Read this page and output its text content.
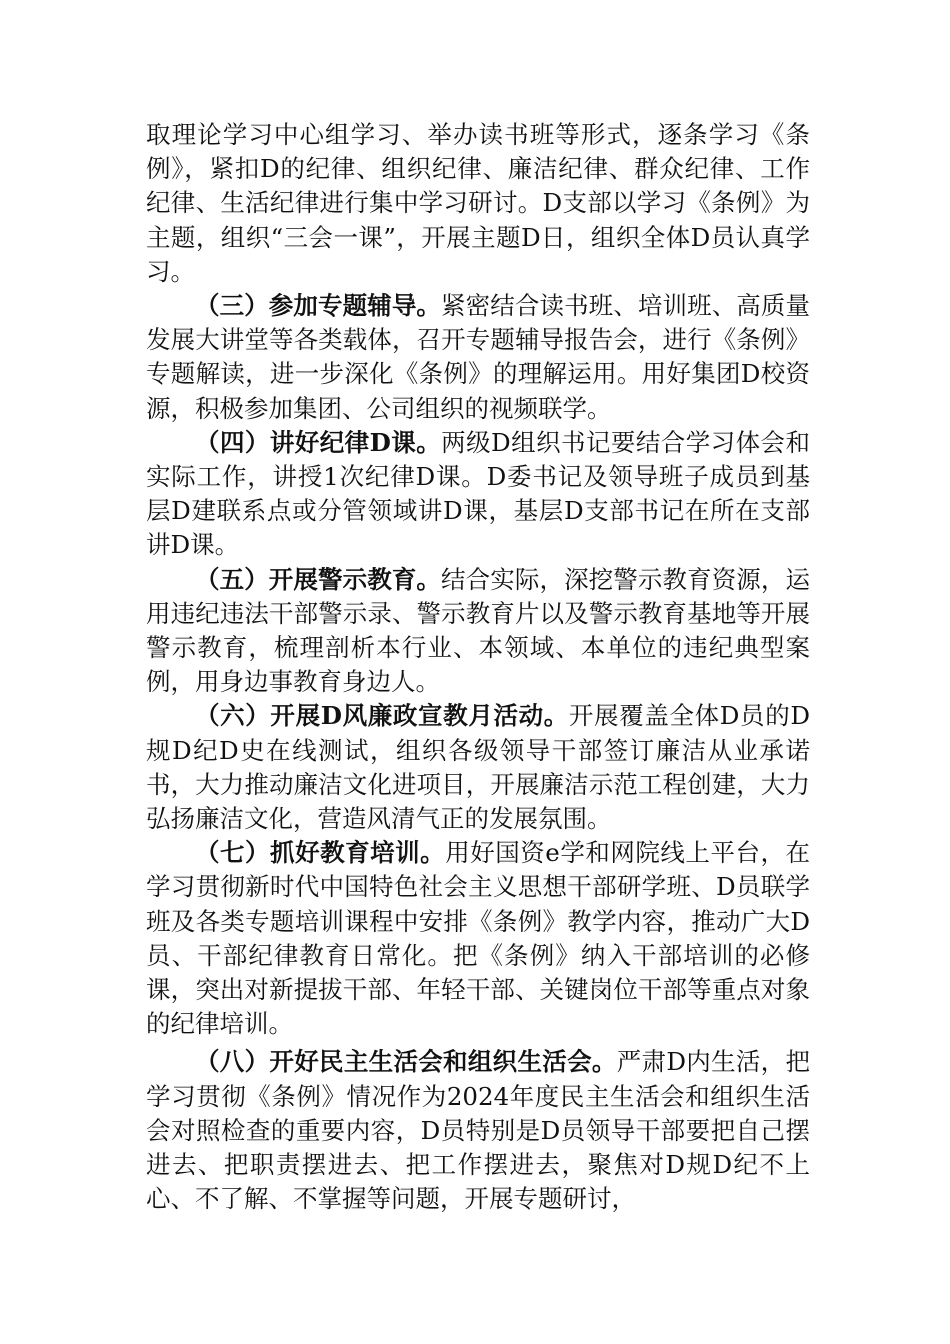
取理论学习中心组学习、举办读书班等形式，逐条学习《条例》，紧扣D的纪律、组织纪律、廉洁纪律、群众纪律、工作纪律、生活纪律进行集中学习研讨。D支部以学习《条例》为主题，组织“三会一课”，开展主题D日，组织全体D员认真学习。

（三）参加专题辅导。紧密结合读书班、培训班、高质量发展大讲堂等各类载体，召开专题辅导报告会，进行《条例》专题解读，进一步深化《条例》的理解运用。用好集团D校资源，积极参加集团、公司组织的视频联学。

（四）讲好纪律D课。两级D组织书记要结合学习体会和实际工作，讲授1次纪律D课。D委书记及领导班子成员到基层D建联系点或分管领域讲D课，基层D支部书记在所在支部讲D课。

（五）开展警示教育。结合实际，深挖警示教育资源，运用违纪违法干部警示录、警示教育片以及警示教育基地等开展警示教育，梳理剖析本行业、本领域、本单位的违纪典型案例，用身边事教育身边人。

（六）开展D风廉政宣教月活动。开展覆盖全体D员的D规D纪D史在线测试，组织各级领导干部签订廉洁从业承诺书，大力推动廉洁文化进项目，开展廉洁示范工程创建，大力弘扬廉洁文化，营造风清气正的发展氛围。

（七）抓好教育培训。用好国资e学和网院线上平台，在学习贯彻新时代中国特色社会主义思想干部研学班、D员联学班及各类专题培训课程中安排《条例》教学内容，推动广大D员、干部纪律教育日常化。把《条例》纳入干部培训的必修课，突出对新提拔干部、年轻干部、关键岗位干部等重点对象的纪律培训。

（八）开好民主生活会和组织生活会。严肃D内生活，把学习贯彻《条例》情况作为2024年度民主生活会和组织生活会对照检查的重要内容，D员特别是D员领导干部要把自己摆进去、把职责摆进去、把工作摆进去，聚焦对D规D纪不上心、不了解、不掌握等问题，开展专题研讨，
